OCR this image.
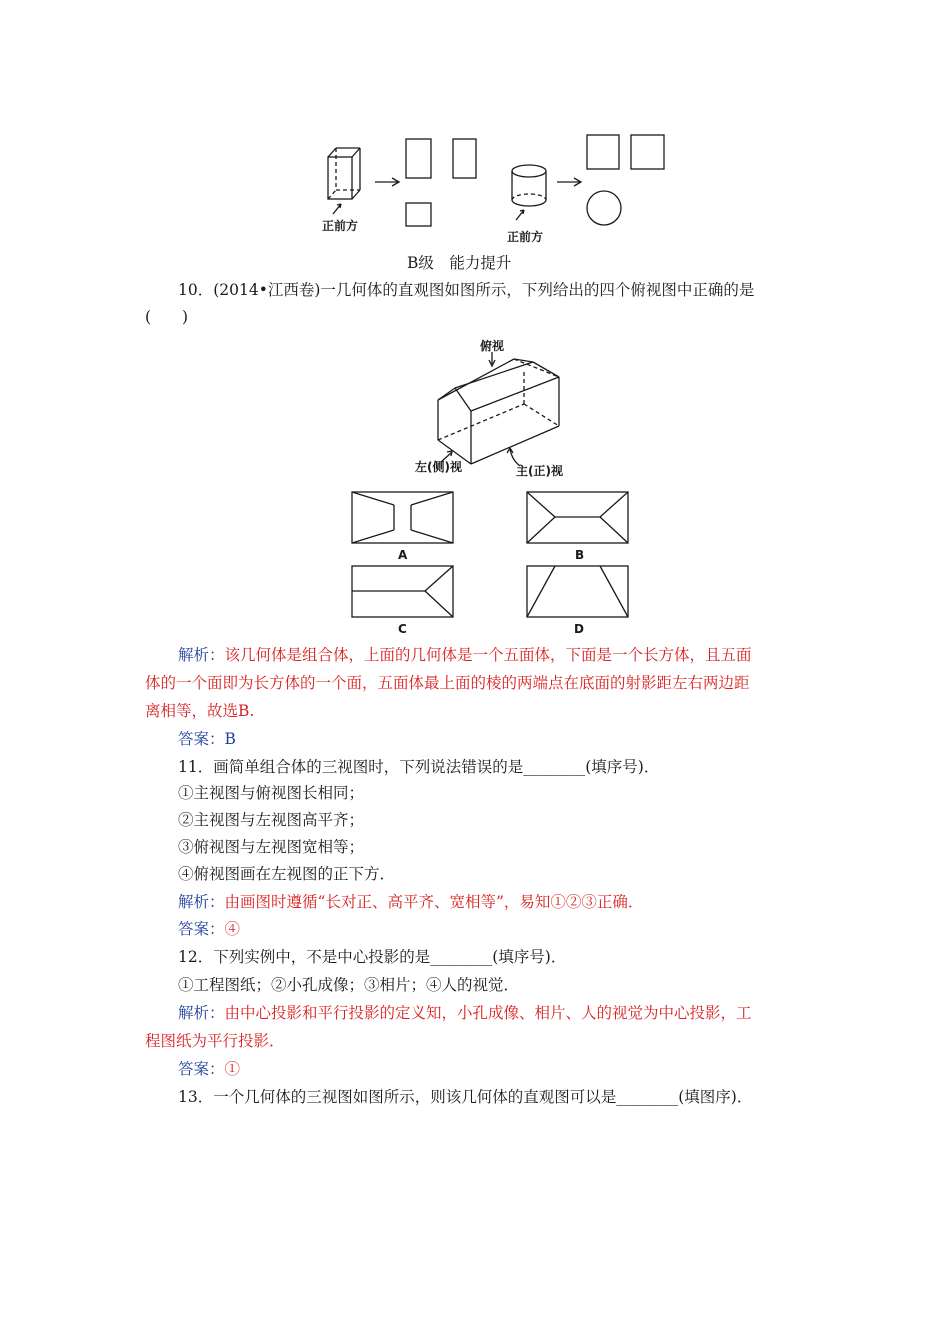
正前方
正前方
B级　能力提升
10．(2014•江西卷)一几何体的直观图如图所示，下列给出的四个俯视图中正确的是
(　　)
俯视
左(侧)视	主(正)视
A	B
C	D
解析：该几何体是组合体，上面的几何体是一个五面体，下面是一个长方体，且五面
体的一个面即为长方体的一个面，五面体最上面的棱的两端点在底面的射影距左右两边距
离相等，故选B.
答案：B
11．画简单组合体的三视图时，下列说法错误的是________(填序号)．
①主视图与俯视图长相同；
②主视图与左视图高平齐；
③俯视图与左视图宽相等；
④俯视图画在左视图的正下方．
解析：由画图时遵循“长对正、高平齐、宽相等”，易知①②③正确．
答案：④
12．下列实例中，不是中心投影的是________(填序号)．
①工程图纸；②小孔成像；③相片；④人的视觉．
解析：由中心投影和平行投影的定义知，小孔成像、相片、人的视觉为中心投影，工
程图纸为平行投影．
答案：①
13．一个几何体的三视图如图所示，则该几何体的直观图可以是________(填图序)．
